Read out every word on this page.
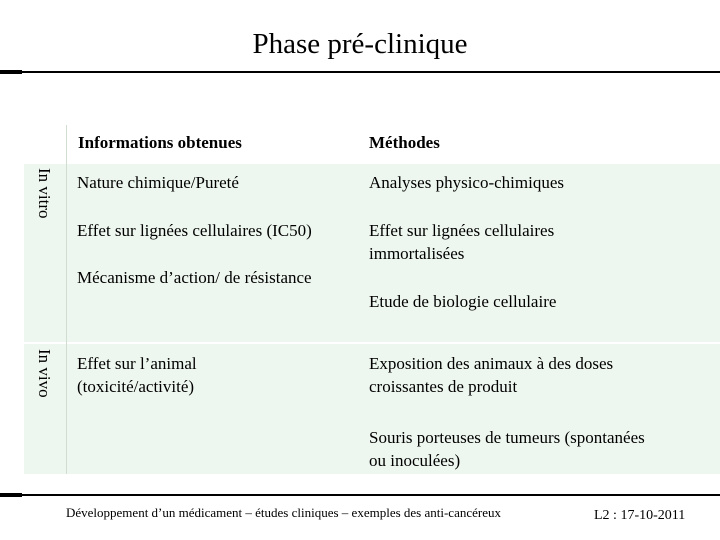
Phase pré-clinique
Informations obtenues	Méthodes
In vitro
In vivo
Nature chimique/Pureté
Effet sur lignées cellulaires (IC50)
Mécanisme d’action/ de résistance
Analyses physico-chimiques
Effet sur lignées cellulaires
immortalisées
Etude de biologie cellulaire
Effet sur l’animal
(toxicité/activité)
Exposition des animaux à des doses
croissantes de produit
Souris porteuses de tumeurs (spontanées
ou inoculées)
Développement d’un médicament – études cliniques – exemples des anti-cancéreux	L2 : 17-10-2011
